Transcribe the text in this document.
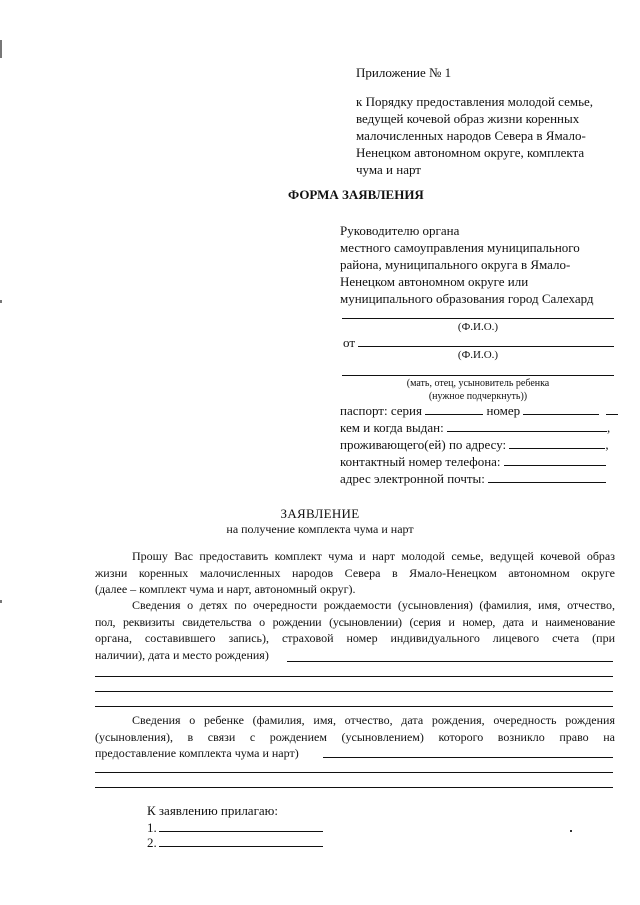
Приложение № 1
к Порядку предоставления молодой семье,
ведущей кочевой образ жизни коренных
малочисленных народов Севера в Ямало-
Ненецком автономном округе, комплекта
чума и нарт
ФОРМА ЗАЯВЛЕНИЯ
Руководителю органа
местного самоуправления муниципального
района, муниципального округа в Ямало-
Ненецком автономном округе или
муниципального образования город Салехард
(Ф.И.О.)
от
(Ф.И.О.)
(мать, отец, усыновитель ребенка
(нужное подчеркнуть))
паспорт: серия	номер
кем и когда выдан:	,
проживающего(ей) по адресу:	,
контактный номер телефона:
адрес электронной почты:
ЗАЯВЛЕНИЕ
на получение комплекта чума и нарт
Прошу Вас предоставить комплект чума и нарт молодой семье, ведущей кочевой образ
жизни коренных малочисленных народов Севера в Ямало-Ненецком автономном округе
(далее – комплект чума и нарт, автономный округ).
Сведения о детях по очередности рождаемости (усыновления) (фамилия, имя, отчество,
пол, реквизиты свидетельства о рождении (усыновлении) (серия и номер, дата и наименование
органа, составившего запись), страховой номер индивидуального лицевого счета (при
наличии), дата и место рождения)
Сведения о ребенке (фамилия, имя, отчество, дата рождения, очередность рождения
(усыновления), в связи с рождением (усыновлением) которого возникло право на
предоставление комплекта чума и нарт)
К заявлению прилагаю:
1.
2.
